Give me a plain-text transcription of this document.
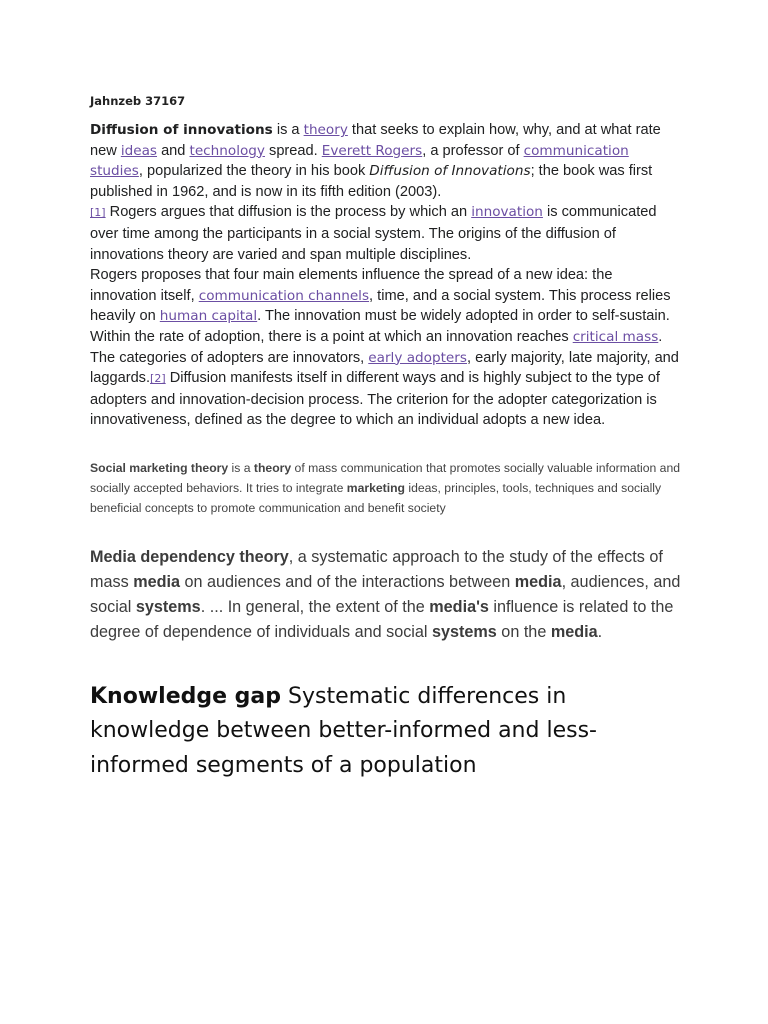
Jahnzeb 37167

Diffusion of innovations is a theory that seeks to explain how, why, and at what rate new ideas and technology spread. Everett Rogers, a professor of communication studies, popularized the theory in his book Diffusion of Innovations; the book was first published in 1962, and is now in its fifth edition (2003).
[1] Rogers argues that diffusion is the process by which an innovation is communicated over time among the participants in a social system. The origins of the diffusion of innovations theory are varied and span multiple disciplines.
Rogers proposes that four main elements influence the spread of a new idea: the innovation itself, communication channels, time, and a social system. This process relies heavily on human capital. The innovation must be widely adopted in order to self-sustain. Within the rate of adoption, there is a point at which an innovation reaches critical mass.
The categories of adopters are innovators, early adopters, early majority, late majority, and laggards.[2] Diffusion manifests itself in different ways and is highly subject to the type of adopters and innovation-decision process. The criterion for the adopter categorization is innovativeness, defined as the degree to which an individual adopts a new idea.

Social marketing theory is a theory of mass communication that promotes socially valuable information and socially accepted behaviors. It tries to integrate marketing ideas, principles, tools, techniques and socially beneficial concepts to promote communication and benefit society

Media dependency theory, a systematic approach to the study of the effects of mass media on audiences and of the interactions between media, audiences, and social systems. ... In general, the extent of the media's influence is related to the degree of dependence of individuals and social systems on the media.

Knowledge gap Systematic differences in knowledge between better-informed and less-informed segments of a population
